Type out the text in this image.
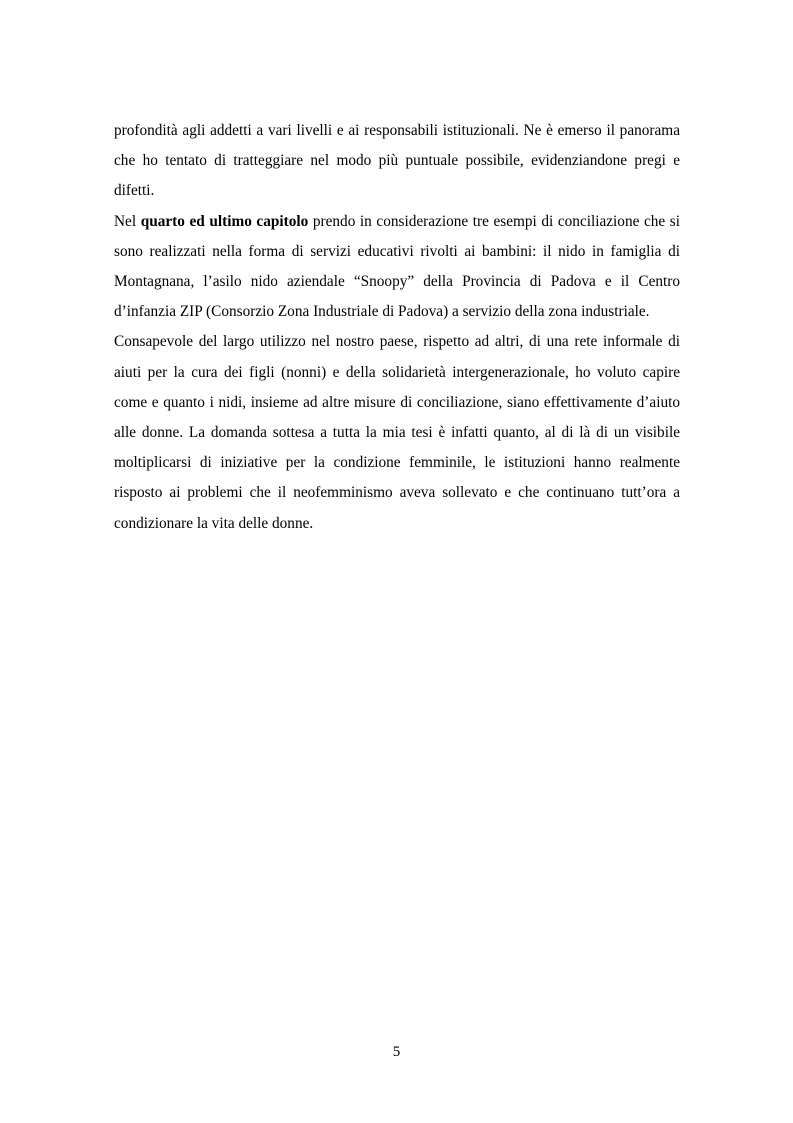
profondità agli addetti a vari livelli e ai responsabili istituzionali. Ne è emerso il panorama che ho tentato di tratteggiare nel modo più puntuale possibile, evidenziandone pregi e difetti.

Nel quarto ed ultimo capitolo prendo in considerazione tre esempi di conciliazione che si sono realizzati nella forma di servizi educativi rivolti ai bambini: il nido in famiglia di Montagnana, l’asilo nido aziendale “Snoopy” della Provincia di Padova e il Centro d’infanzia ZIP (Consorzio Zona Industriale di Padova) a servizio della zona industriale.

Consapevole del largo utilizzo nel nostro paese, rispetto ad altri, di una rete informale di aiuti per la cura dei figli (nonni) e della solidarietà intergenerazionale, ho voluto capire come e quanto i nidi, insieme ad altre misure di conciliazione, siano effettivamente d’aiuto alle donne. La domanda sottesa a tutta la mia tesi è infatti quanto, al di là di un visibile moltiplicarsi di iniziative per la condizione femminile, le istituzioni hanno realmente risposto ai problemi che il neofemminismo aveva sollevato e che continuano tutt’ora a condizionare la vita delle donne.

5
